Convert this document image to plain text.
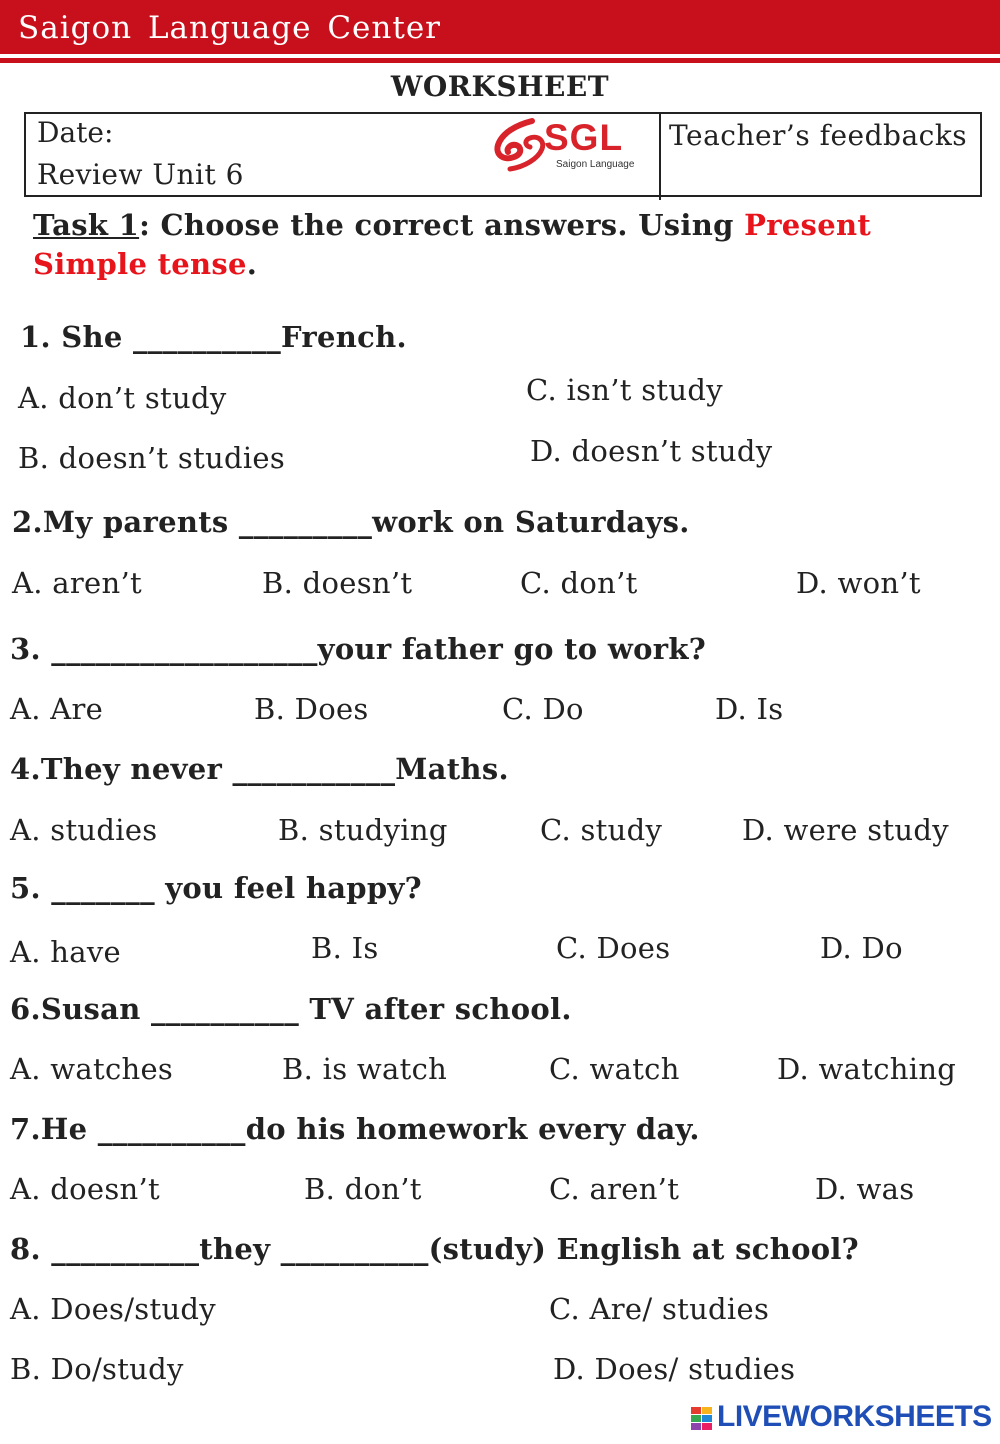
Saigon Language Center
WORKSHEET
Date:
Review Unit 6
Teacher’s feedbacks
SGL
Saigon Language
Task 1: Choose the correct answers. Using Present Simple tense.
1. She __________French.
A. don’t study	C. isn’t study
B. doesn’t studies	D. doesn’t study
2.My parents _________work on Saturdays.
A. aren’t	B. doesn’t	C. don’t	D. won’t
3. __________________your father go to work?
A. Are	B. Does	C. Do	D. Is
4.They never ___________Maths.
A. studies	B. studying	C. study	D. were study
5. _______ you feel happy?
A. have	B. Is	C. Does	D. Do
6.Susan __________ TV after school.
A. watches	B. is watch	C. watch	D. watching
7.He __________do his homework every day.
A. doesn’t	B. don’t	C. aren’t	D. was
8. __________they __________(study) English at school?
A. Does/study	C. Are/ studies
B. Do/study	D. Does/ studies
LIVEWORKSHEETS
